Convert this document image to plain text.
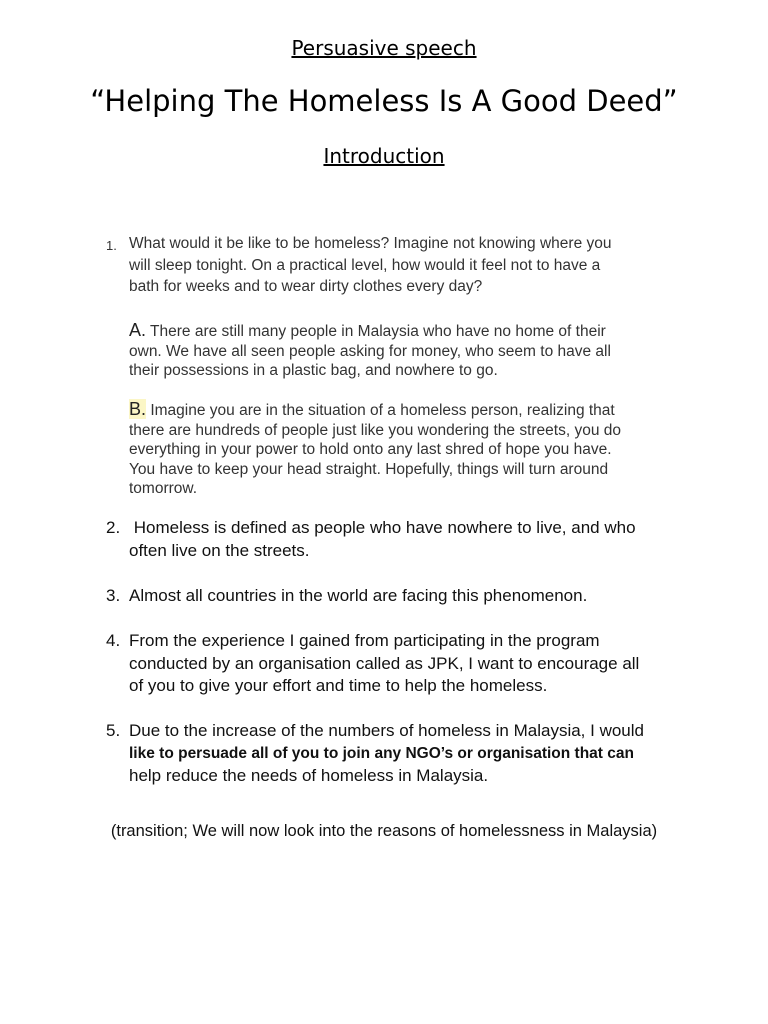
Persuasive speech
“Helping The Homeless Is A Good Deed”
Introduction
1. What would it be like to be homeless? Imagine not knowing where you
will sleep tonight. On a practical level, how would it feel not to have a
bath for weeks and to wear dirty clothes every day?
A. There are still many people in Malaysia who have no home of their
own. We have all seen people asking for money, who seem to have all
their possessions in a plastic bag, and nowhere to go.
B. Imagine you are in the situation of a homeless person, realizing that
there are hundreds of people just like you wondering the streets, you do
everything in your power to hold onto any last shred of hope you have.
You have to keep your head straight. Hopefully, things will turn around
tomorrow.
2. Homeless is defined as people who have nowhere to live, and who
often live on the streets.
3. Almost all countries in the world are facing this phenomenon.
4. From the experience I gained from participating in the program
conducted by an organisation called as JPK, I want to encourage all
of you to give your effort and time to help the homeless.
5. Due to the increase of the numbers of homeless in Malaysia, I would
like to persuade all of you to join any NGO’s or organisation that can
help reduce the needs of homeless in Malaysia.
(transition; We will now look into the reasons of homelessness in Malaysia)
